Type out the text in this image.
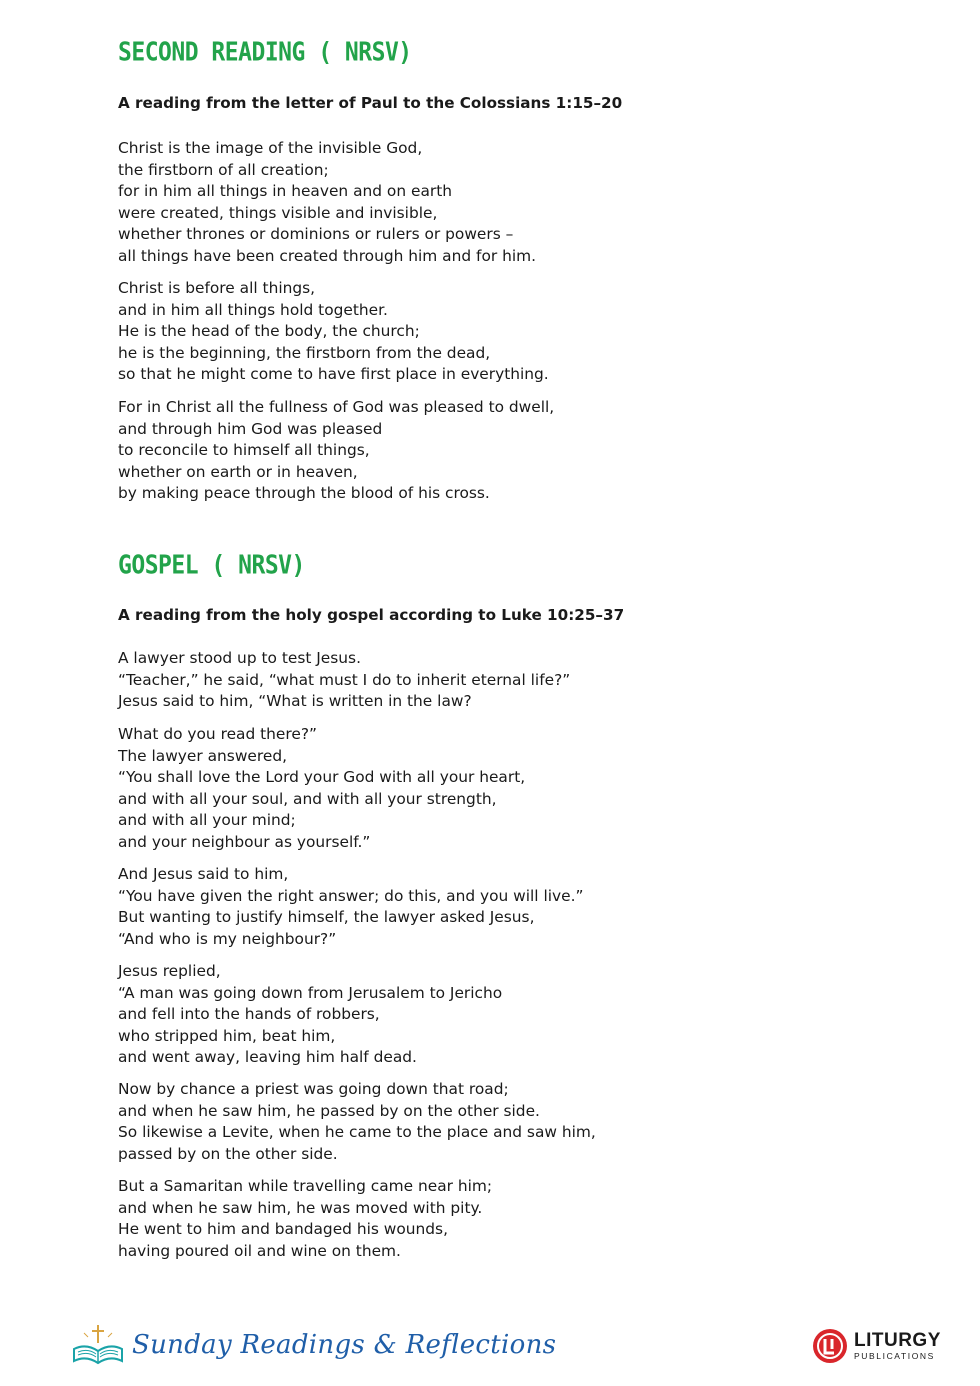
SECOND READING ( NRSV)
A reading from the letter of Paul to the Colossians 1:15–20
Christ is the image of the invisible God,
the firstborn of all creation;
for in him all things in heaven and on earth
were created, things visible and invisible,
whether thrones or dominions or rulers or powers –
all things have been created through him and for him.
Christ is before all things,
and in him all things hold together.
He is the head of the body, the church;
he is the beginning, the firstborn from the dead,
so that he might come to have first place in everything.
For in Christ all the fullness of God was pleased to dwell,
and through him God was pleased
to reconcile to himself all things,
whether on earth or in heaven,
by making peace through the blood of his cross.
GOSPEL ( NRSV)
A reading from the holy gospel according to Luke 10:25–37
A lawyer stood up to test Jesus.
“Teacher,” he said, “what must I do to inherit eternal life?”
Jesus said to him, “What is written in the law?
What do you read there?”
The lawyer answered,
“You shall love the Lord your God with all your heart,
and with all your soul, and with all your strength,
and with all your mind;
and your neighbour as yourself.”
And Jesus said to him,
“You have given the right answer; do this, and you will live.”
But wanting to justify himself, the lawyer asked Jesus,
“And who is my neighbour?”
Jesus replied,
“A man was going down from Jerusalem to Jericho
and fell into the hands of robbers,
who stripped him, beat him,
and went away, leaving him half dead.
Now by chance a priest was going down that road;
and when he saw him, he passed by on the other side.
So likewise a Levite, when he came to the place and saw him,
passed by on the other side.
But a Samaritan while travelling came near him;
and when he saw him, he was moved with pity.
He went to him and bandaged his wounds,
having poured oil and wine on them.
Sunday Readings & Reflections	LITURGY
PUBLICATIONS
